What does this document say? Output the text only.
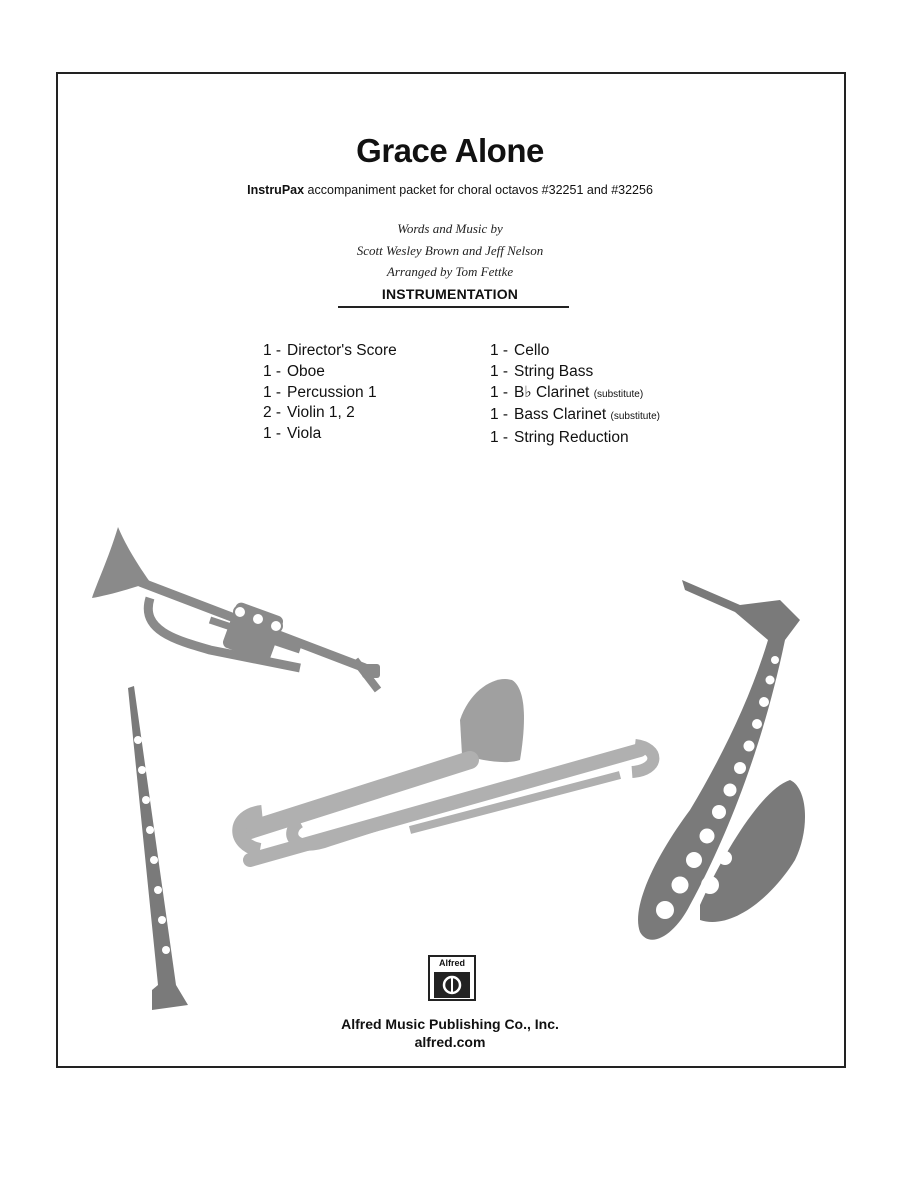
Grace Alone
InstruPax accompaniment packet for choral octavos #32251 and #32256
Words and Music by
Scott Wesley Brown and Jeff Nelson
Arranged by Tom Fettke
INSTRUMENTATION
1 - Director's Score
1 - Oboe
1 - Percussion 1
2 - Violin 1, 2
1 - Viola
1 - Cello
1 - String Bass
1 - B♭ Clarinet (substitute)
1 - Bass Clarinet (substitute)
1 - String Reduction
Alfred
Alfred Music Publishing Co., Inc.
alfred.com
